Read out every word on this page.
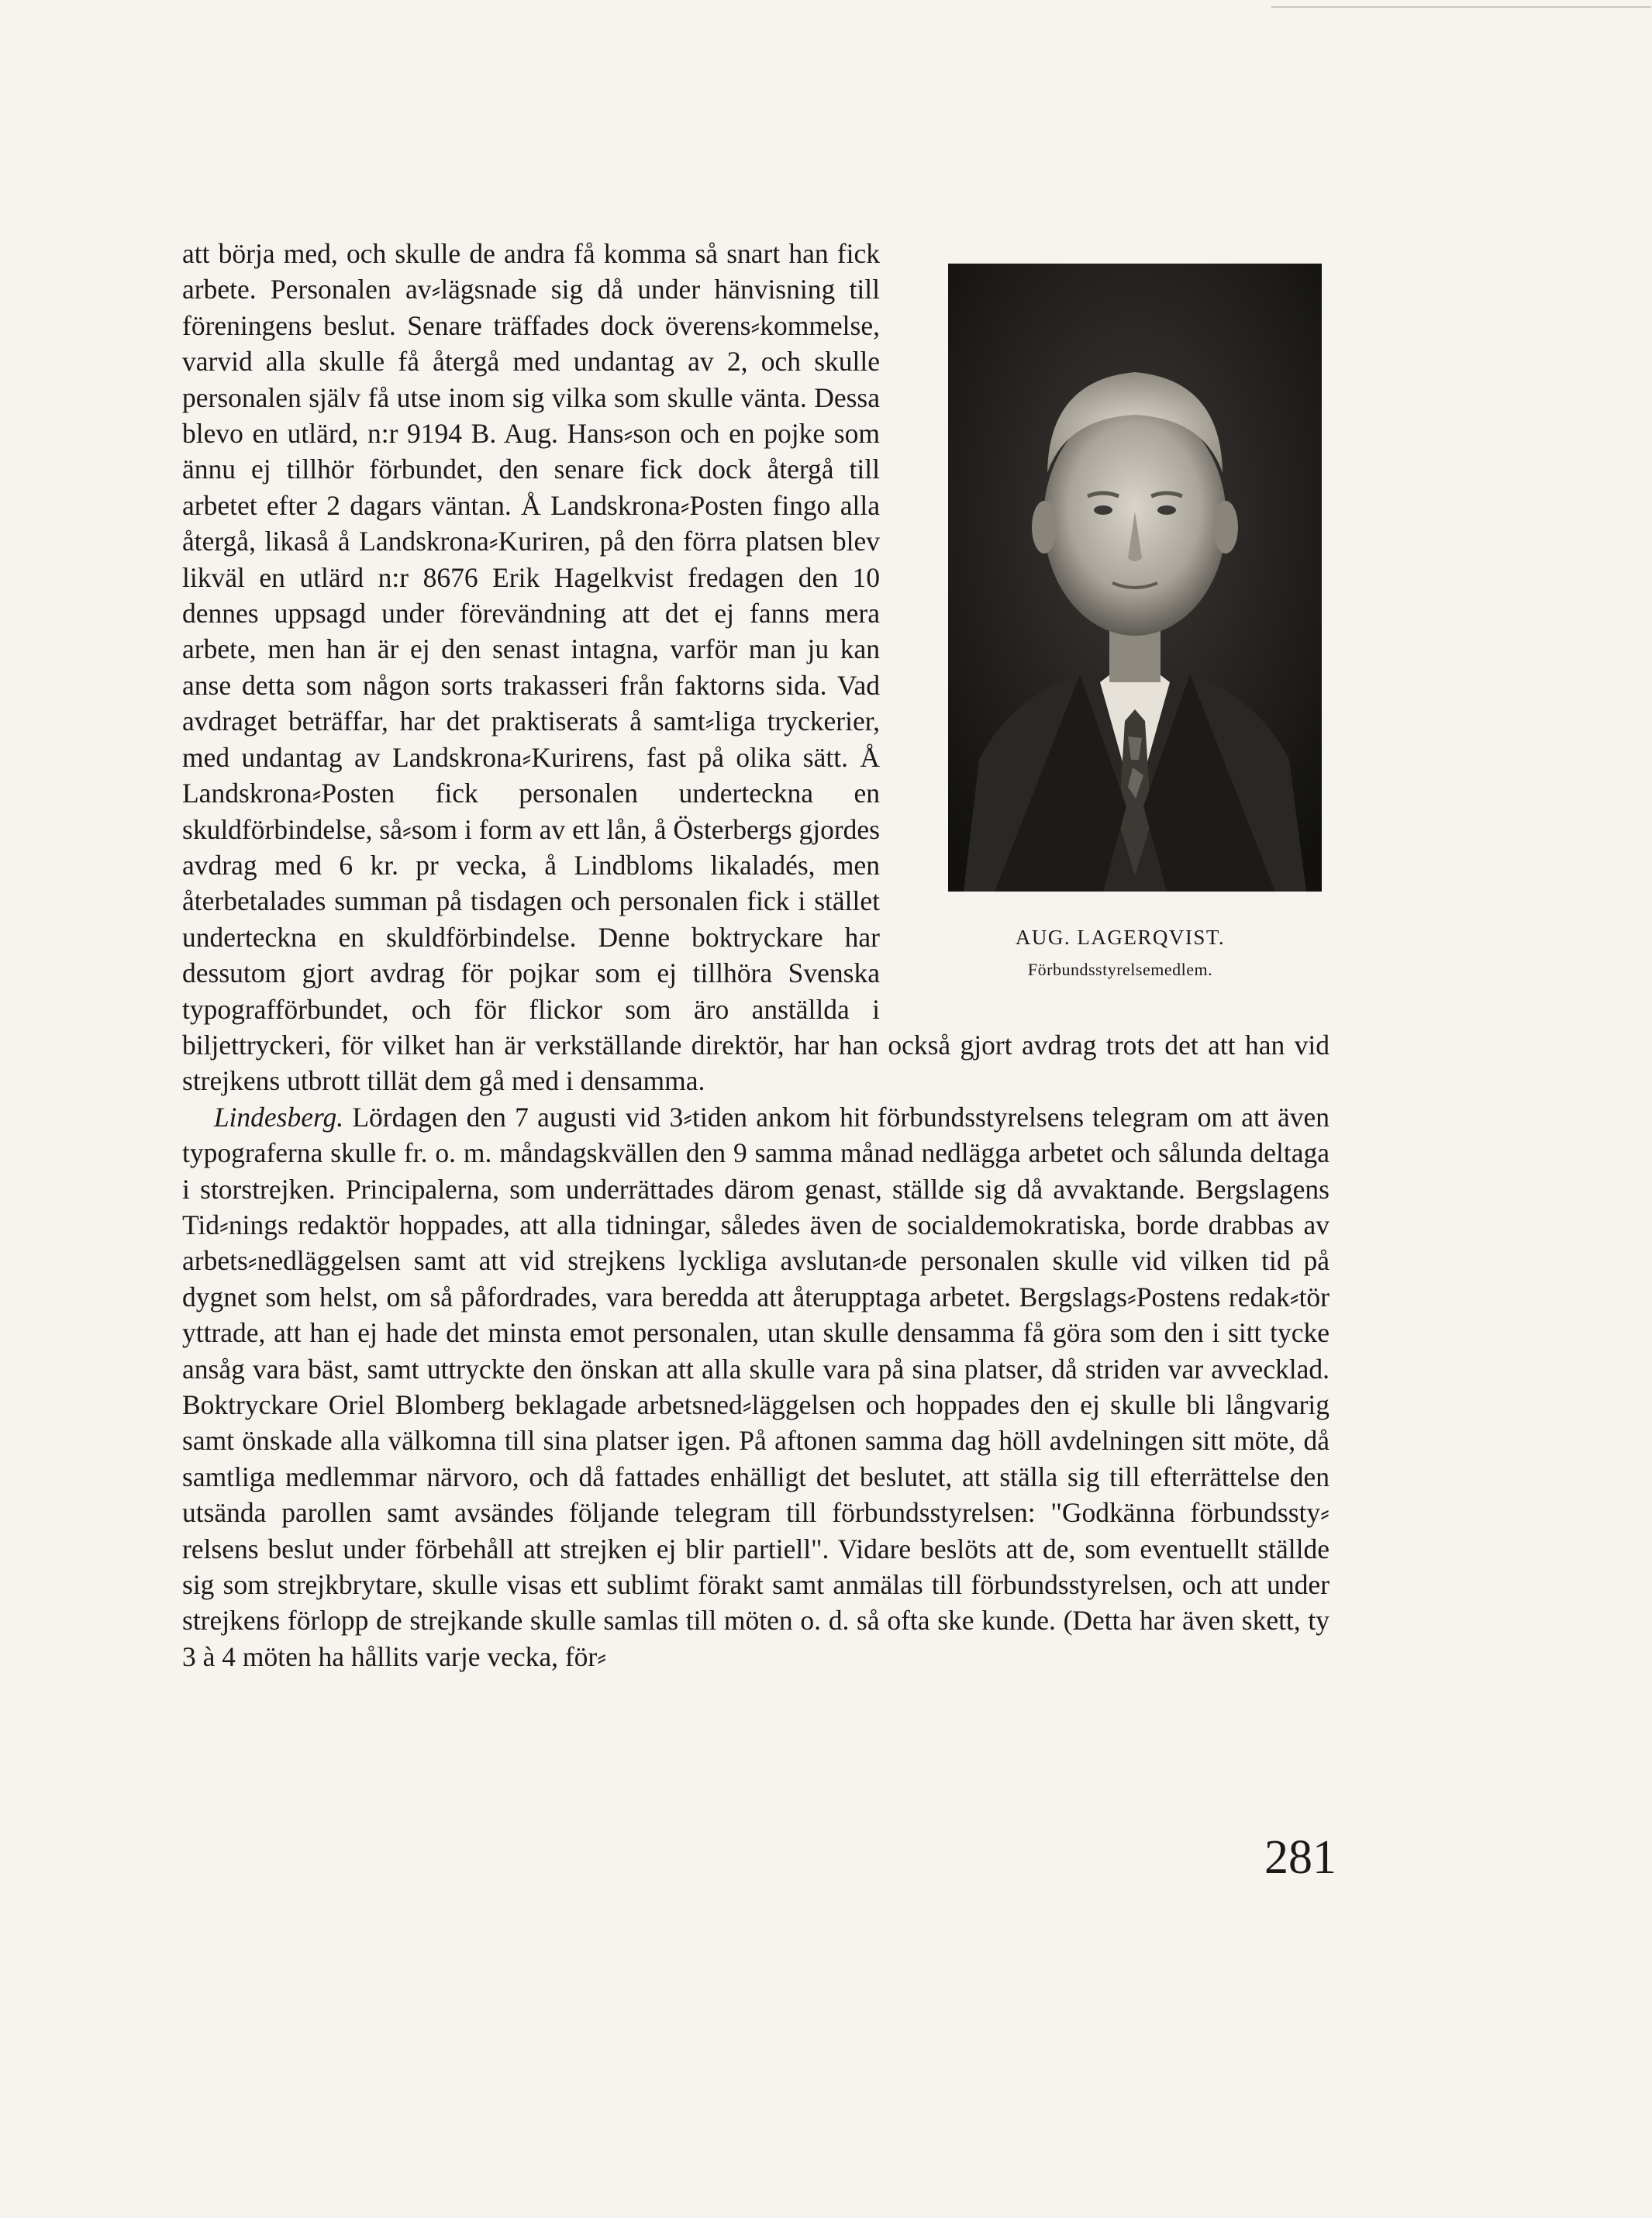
AUG. LAGERQVIST.
Förbundsstyrelsemedlem.

att börja med, och skulle de andra få komma så snart han fick arbete. Personalen av⸗lägsnade sig då under hänvisning till föreningens beslut. Senare träffades dock överens⸗kommelse, varvid alla skulle få återgå med undantag av 2, och skulle personalen själv få utse inom sig vilka som skulle vänta. Dessa blevo en utlärd, n:r 9194 B. Aug. Hans⸗son och en pojke som ännu ej tillhör förbundet, den senare fick dock återgå till arbetet efter 2 dagars väntan. Å Landskrona⸗Posten fingo alla återgå, likaså å Landskrona⸗Kuriren, på den förra platsen blev likväl en utlärd n:r 8676 Erik Hagelkvist fredagen den 10 dennes uppsagd under förevändning att det ej fanns mera arbete, men han är ej den senast intagna, varför man ju kan anse detta som någon sorts trakasseri från faktorns sida. Vad avdraget beträffar, har det praktiserats å samt⸗liga tryckerier, med undantag av Landskrona⸗Kurirens, fast på olika sätt. Å Landskrona⸗Posten fick personalen underteckna en skuldförbindelse, så⸗som i form av ett lån, å Österbergs gjordes avdrag med 6 kr. pr vecka, å Lindbloms likaladés, men återbetalades summan på tisdagen och personalen fick i stället underteckna en skuldförbindelse. Denne boktryckare har dessutom gjort avdrag för pojkar som ej tillhöra Svenska typografförbundet, och för flickor som äro anställda i biljettryckeri, för vilket han är verkställande direktör, har han också gjort avdrag trots det att han vid strejkens utbrott tillät dem gå med i densamma.

Lindesberg. Lördagen den 7 augusti vid 3⸗tiden ankom hit förbundsstyrelsens telegram om att även typograferna skulle fr. o. m. måndagskvällen den 9 samma månad nedlägga arbetet och sålunda deltaga i storstrejken. Principalerna, som underrättades därom genast, ställde sig då avvaktande. Bergslagens Tid⸗nings redaktör hoppades, att alla tidningar, således även de socialdemokratiska, borde drabbas av arbets⸗nedläggelsen samt att vid strejkens lyckliga avslutan⸗de personalen skulle vid vilken tid på dygnet som helst, om så påfordrades, vara beredda att återupptaga arbetet. Bergslags⸗Postens redak⸗tör yttrade, att han ej hade det minsta emot personalen, utan skulle densamma få göra som den i sitt tycke ansåg vara bäst, samt uttryckte den önskan att alla skulle vara på sina platser, då striden var avvecklad. Boktryckare Oriel Blomberg beklagade arbetsned⸗läggelsen och hoppades den ej skulle bli långvarig samt önskade alla välkomna till sina platser igen. På aftonen samma dag höll avdelningen sitt möte, då samtliga medlemmar närvoro, och då fattades enhälligt det beslutet, att ställa sig till efterrättelse den utsända parollen samt avsändes följande telegram till förbundsstyrelsen: "Godkänna förbundssty⸗relsens beslut under förbehåll att strejken ej blir partiell". Vidare beslöts att de, som eventuellt ställde sig som strejkbrytare, skulle visas ett sublimt förakt samt anmälas till förbundsstyrelsen, och att under strejkens förlopp de strejkande skulle samlas till möten o. d. så ofta ske kunde. (Detta har även skett, ty 3 à 4 möten ha hållits varje vecka, för⸗

281
